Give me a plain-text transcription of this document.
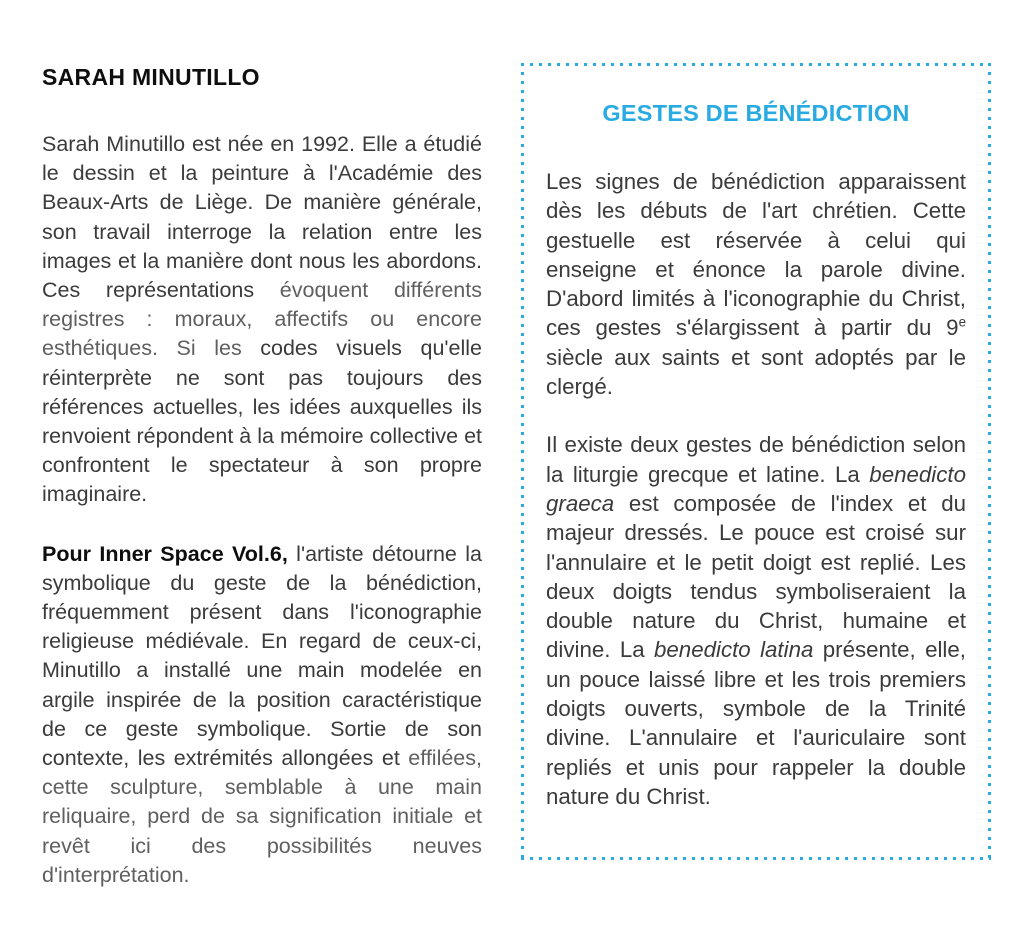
SARAH MINUTILLO

Sarah Minutillo est née en 1992. Elle a étudié le dessin et la peinture à l'Académie des Beaux-Arts de Liège. De manière générale, son travail interroge la relation entre les images et la manière dont nous les abordons. Ces représentations évoquent différents registres : moraux, affectifs ou encore esthétiques. Si les codes visuels qu'elle réinterprète ne sont pas toujours des références actuelles, les idées auxquelles ils renvoient répondent à la mémoire collective et confrontent le spectateur à son propre imaginaire.

Pour Inner Space Vol.6, l'artiste détourne la symbolique du geste de la bénédiction, fréquemment présent dans l'iconographie religieuse médiévale. En regard de ceux-ci, Minutillo a installé une main modelée en argile inspirée de la position caractéristique de ce geste symbolique. Sortie de son contexte, les extrémités allongées et effilées, cette sculpture, semblable à une main reliquaire, perd de sa signification initiale et revêt ici des possibilités neuves d'interprétation.

GESTES DE BÉNÉDICTION

Les signes de bénédiction apparaissent dès les débuts de l'art chrétien. Cette gestuelle est réservée à celui qui enseigne et énonce la parole divine. D'abord limités à l'iconographie du Christ, ces gestes s'élargissent à partir du 9e siècle aux saints et sont adoptés par le clergé.

Il existe deux gestes de bénédiction selon la liturgie grecque et latine. La benedicto graeca est composée de l'index et du majeur dressés. Le pouce est croisé sur l'annulaire et le petit doigt est replié. Les deux doigts tendus symboliseraient la double nature du Christ, humaine et divine. La benedicto latina présente, elle, un pouce laissé libre et les trois premiers doigts ouverts, symbole de la Trinité divine. L'annulaire et l'auriculaire sont repliés et unis pour rappeler la double nature du Christ.
